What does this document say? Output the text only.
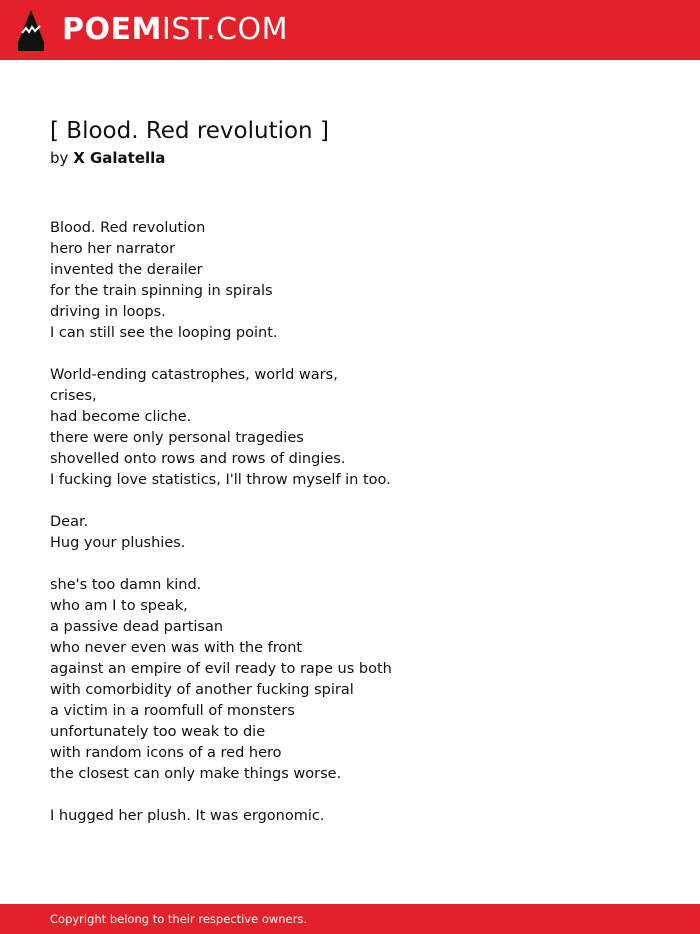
POEMIST.COM
[ Blood. Red revolution ]
by X Galatella
Blood. Red revolution
hero her narrator
invented the derailer
for the train spinning in spirals
driving in loops.
I can still see the looping point.
World-ending catastrophes, world wars,
crises,
had become cliche.
there were only personal tragedies
shovelled onto rows and rows of dingies.
I fucking love statistics, I'll throw myself in too.
Dear.
Hug your plushies.
she's too damn kind.
who am I to speak,
a passive dead partisan
who never even was with the front
against an empire of evil ready to rape us both
with comorbidity of another fucking spiral
a victim in a roomfull of monsters
unfortunately too weak to die
with random icons of a red hero
the closest can only make things worse.
I hugged her plush. It was ergonomic.
Copyright belong to their respective owners.
